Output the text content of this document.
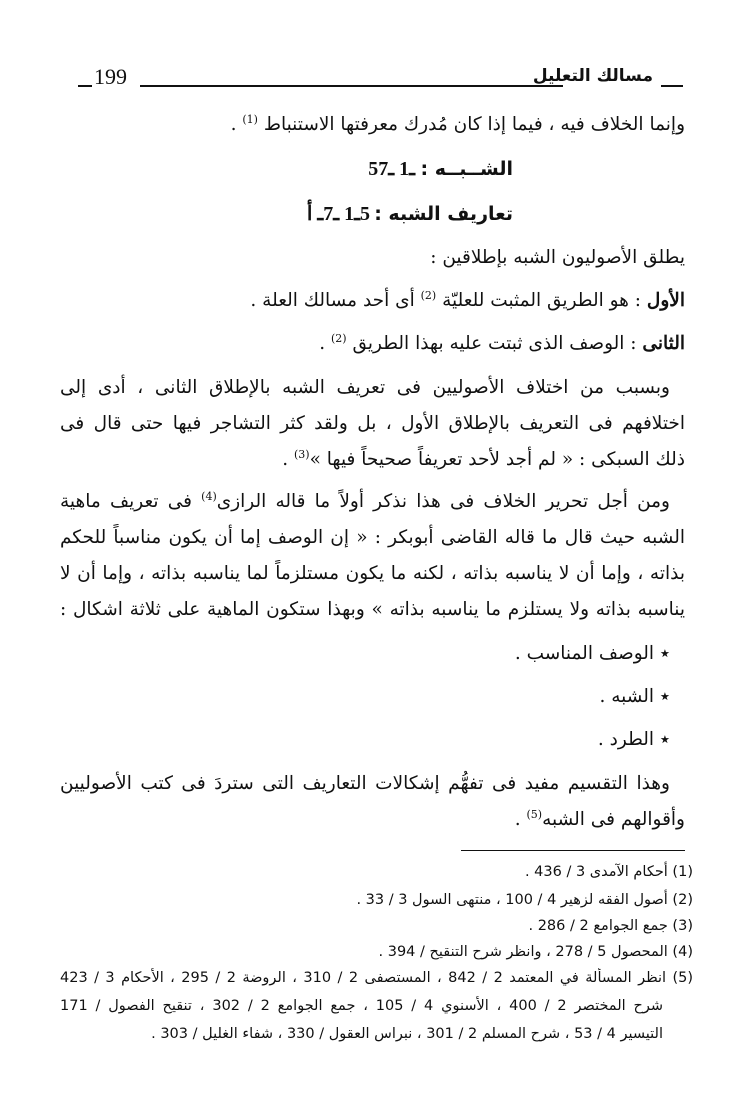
199	مسالك التعليل
وإنما الخلاف فيه ، فيما إذا كان مُدرك معرفتها الاستنباط $^{(1)}$ .
الشــبــه :
5ـ1 ـ7
تعاريف الشبه :
5ـ1 ـ7ـ أ
يطلق الأصوليون الشبه بإطلاقين :
الأول : هو الطريق المثبت للعليّة $^{(2)}$ أى أحد مسالك العلة .
الثانى : الوصف الذى ثبتت عليه بهذا الطريق $^{(2)}$ .
وبسبب من اختلاف الأصوليين فى تعريف الشبه بالإطلاق الثانى ، أدى إلى
اختلافهم فى التعريف بالإطلاق الأول ، بل ولقد كثر التشاجر فيها حتى قال فى
ذلك السبكى : « لم أجد لأحد تعريفاً صحيحاً فيها »$^{(3)}$ .
ومن أجل تحرير الخلاف فى هذا نذكر أولاً ما قاله الرازى$^{(4)}$ فى تعريف ماهية
الشبه حيث قال ما قاله القاضى أبوبكر : « إن الوصف إما أن يكون مناسباً للحكم
بذاته ، وإما أن لا يناسبه بذاته ، لكنه ما يكون مستلزماً لما يناسبه بذاته ، وإما أن لا
يناسبه بذاته ولا يستلزم ما يناسبه بذاته » وبهذا ستكون الماهية على ثلاثة اشكال :
٭ الوصف المناسب .
٭ الشبه .
٭ الطرد .
وهذا التقسيم مفيد فى تفهُّم إشكالات التعاريف التى ستردَ فى كتب الأصوليين
وأقوالهم فى الشبه$^{(5)}$ .
(1) أحكام الآمدى 3 / 436 .
(2) أصول الفقه لزهير 4 / 100 ، منتهى السول 3 / 33 .
(3) جمع الجوامع 2 / 286 .
(4) المحصول 5 / 278 ، وانظر شرح التنقيح / 394 .
(5) انظر المسألة في المعتمد 2 / 842 ، المستصفى 2 / 310 ، الروضة 2 / 295 ، الأحكام 3 / 423
شرح المختصر 2 / 400 ، الأسنوي 4 / 105 ، جمع الجوامع 2 / 302 ، تنقيح الفصول / 171
التيسير 4 / 53 ، شرح المسلم 2 / 301 ، نبراس العقول / 330 ، شفاء الغليل / 303 .
